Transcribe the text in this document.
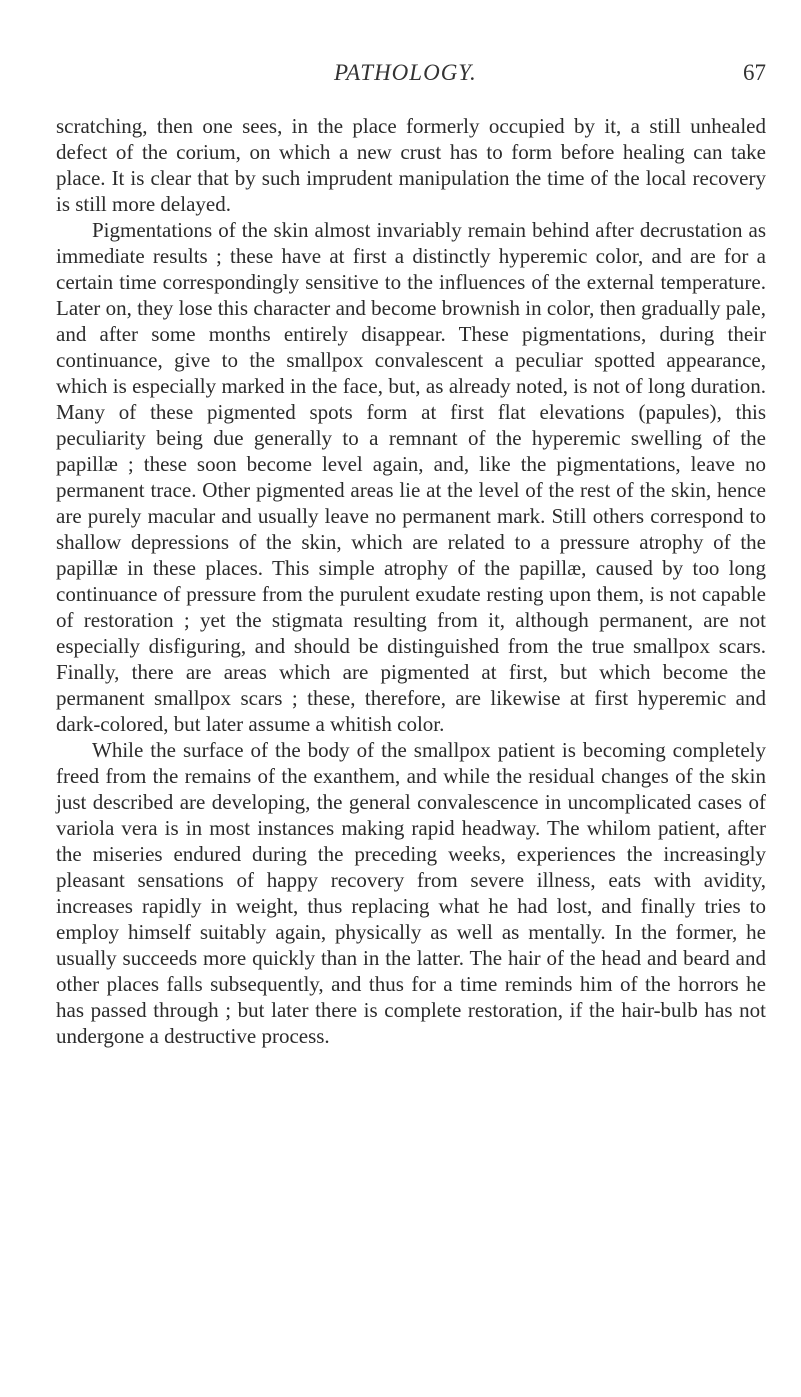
PATHOLOGY.	67

scratching, then one sees, in the place formerly occupied by it, a still unhealed defect of the corium, on which a new crust has to form before healing can take place. It is clear that by such imprudent manipulation the time of the local recovery is still more delayed.

Pigmentations of the skin almost invariably remain behind after decrustation as immediate results ; these have at first a distinctly hyperemic color, and are for a certain time correspondingly sensitive to the influences of the external temperature. Later on, they lose this character and become brownish in color, then gradually pale, and after some months entirely disappear. These pigmentations, during their continuance, give to the smallpox convalescent a peculiar spotted appearance, which is especially marked in the face, but, as already noted, is not of long duration. Many of these pigmented spots form at first flat elevations (papules), this peculiarity being due generally to a remnant of the hyperemic swelling of the papillæ ; these soon become level again, and, like the pigmentations, leave no permanent trace. Other pigmented areas lie at the level of the rest of the skin, hence are purely macular and usually leave no permanent mark. Still others correspond to shallow depressions of the skin, which are related to a pressure atrophy of the papillæ in these places. This simple atrophy of the papillæ, caused by too long continuance of pressure from the purulent exudate resting upon them, is not capable of restoration ; yet the stigmata resulting from it, although permanent, are not especially disfiguring, and should be distinguished from the true smallpox scars. Finally, there are areas which are pigmented at first, but which become the permanent smallpox scars ; these, therefore, are likewise at first hyperemic and dark-colored, but later assume a whitish color.

While the surface of the body of the smallpox patient is becoming completely freed from the remains of the exanthem, and while the residual changes of the skin just described are developing, the general convalescence in uncomplicated cases of variola vera is in most instances making rapid headway. The whilom patient, after the miseries endured during the preceding weeks, experiences the increasingly pleasant sensations of happy recovery from severe illness, eats with avidity, increases rapidly in weight, thus replacing what he had lost, and finally tries to employ himself suitably again, physically as well as mentally. In the former, he usually succeeds more quickly than in the latter. The hair of the head and beard and other places falls subsequently, and thus for a time reminds him of the horrors he has passed through ; but later there is complete restoration, if the hair-bulb has not undergone a destructive process.
